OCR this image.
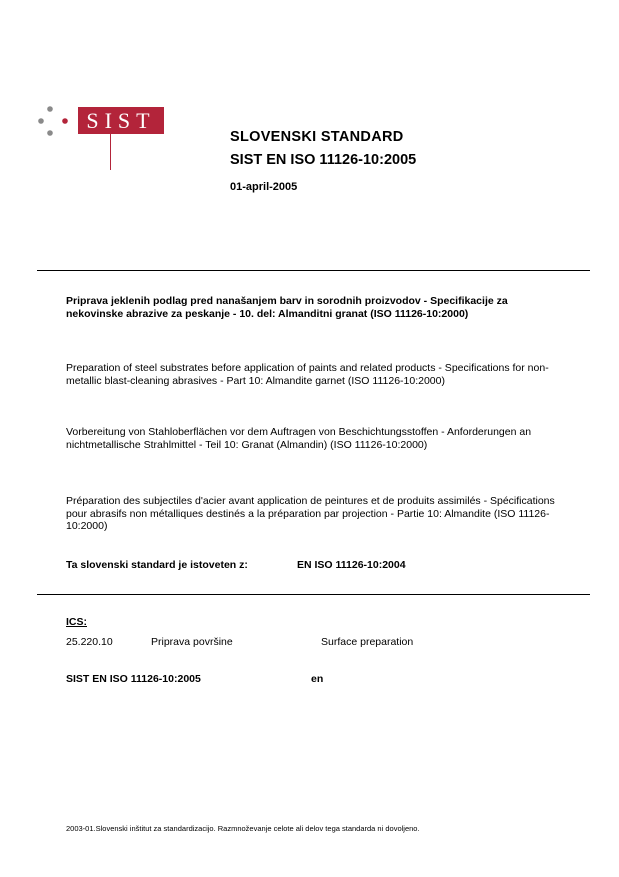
SIST
SLOVENSKI STANDARD
SIST EN ISO 11126-10:2005
01-april-2005
Priprava jeklenih podlag pred nanašanjem barv in sorodnih proizvodov - Specifikacije za nekovinske abrazive za peskanje - 10. del: Almanditni granat (ISO 11126-10:2000)
Preparation of steel substrates before application of paints and related products - Specifications for non-metallic blast-cleaning abrasives - Part 10: Almandite garnet (ISO 11126-10:2000)
Vorbereitung von Stahloberflächen vor dem Auftragen von Beschichtungsstoffen - Anforderungen an nichtmetallische Strahlmittel - Teil 10: Granat (Almandin) (ISO 11126-10:2000)
Préparation des subjectiles d'acier avant application de peintures et de produits assimilés - Spécifications pour abrasifs non métalliques destinés a la préparation par projection - Partie 10: Almandite (ISO 11126-10:2000)
Ta slovenski standard je istoveten z:	EN ISO 11126-10:2004
ICS:
25.220.10	Priprava površine	Surface preparation
SIST EN ISO 11126-10:2005	en
2003-01.Slovenski inštitut za standardizacijo. Razmnoževanje celote ali delov tega standarda ni dovoljeno.
